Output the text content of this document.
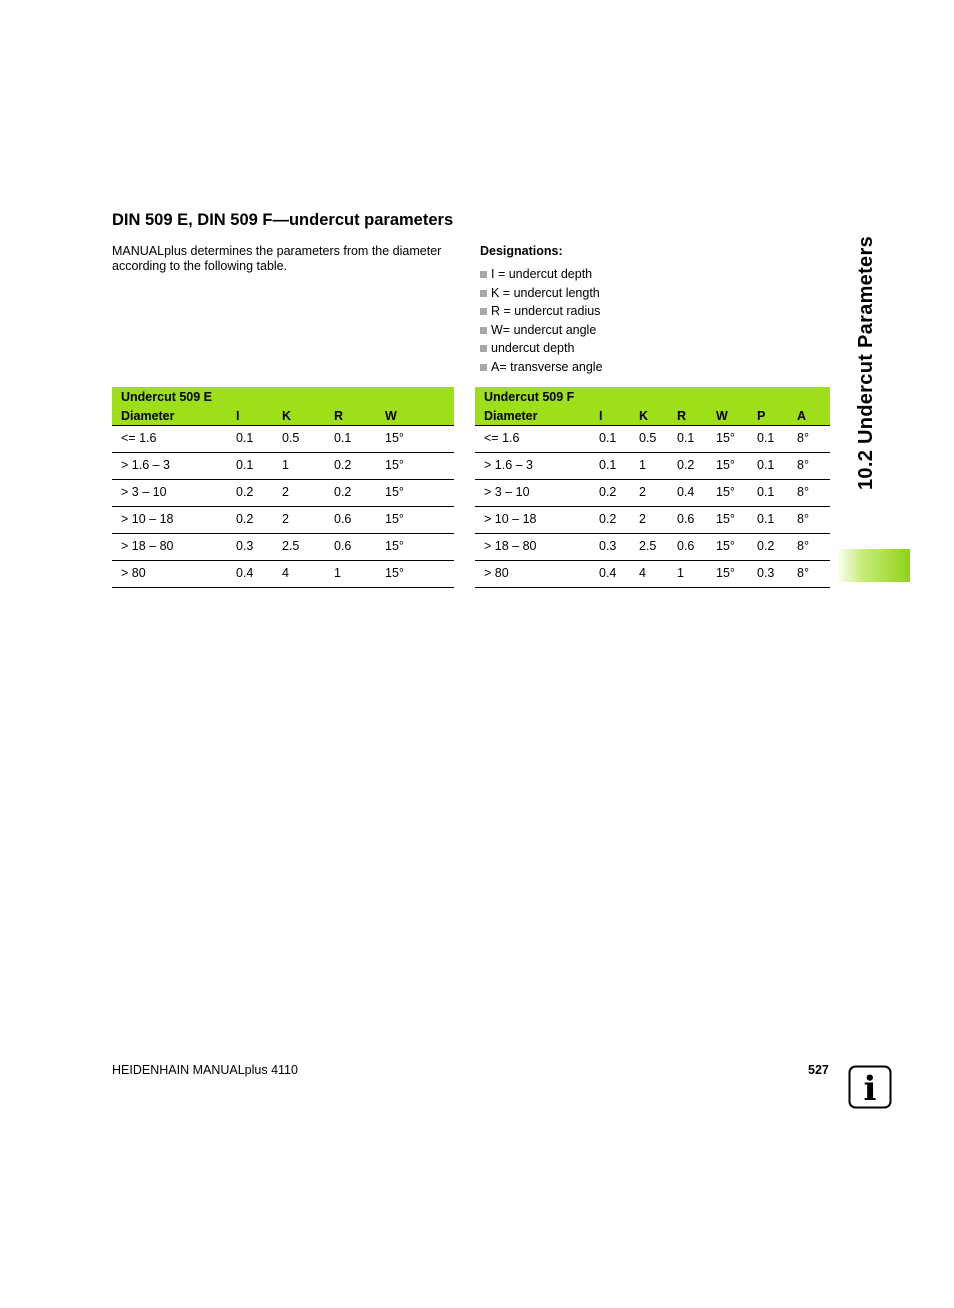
DIN 509 E, DIN 509 F—undercut parameters
MANUALplus determines the parameters from the diameter according to the following table.
Designations:
I = undercut depth
K = undercut length
R = undercut radius
W= undercut angle
undercut depth
A= transverse angle
Undercut 509 E				
Diameter	I	K	R	W
<= 1.6	0.1	0.5	0.1	15°
> 1.6 – 3	0.1	1	0.2	15°
> 3 – 10	0.2	2	0.2	15°
> 10 – 18	0.2	2	0.6	15°
> 18 – 80	0.3	2.5	0.6	15°
> 80	0.4	4	1	15°
Undercut 509 F						
Diameter	I	K	R	W	P	A
<= 1.6	0.1	0.5	0.1	15°	0.1	8°
> 1.6 – 3	0.1	1	0.2	15°	0.1	8°
> 3 – 10	0.2	2	0.4	15°	0.1	8°
> 10 – 18	0.2	2	0.6	15°	0.1	8°
> 18 – 80	0.3	2.5	0.6	15°	0.2	8°
> 80	0.4	4	1	15°	0.3	8°
10.2 Undercut Parameters
HEIDENHAIN MANUALplus 4110	527 i
